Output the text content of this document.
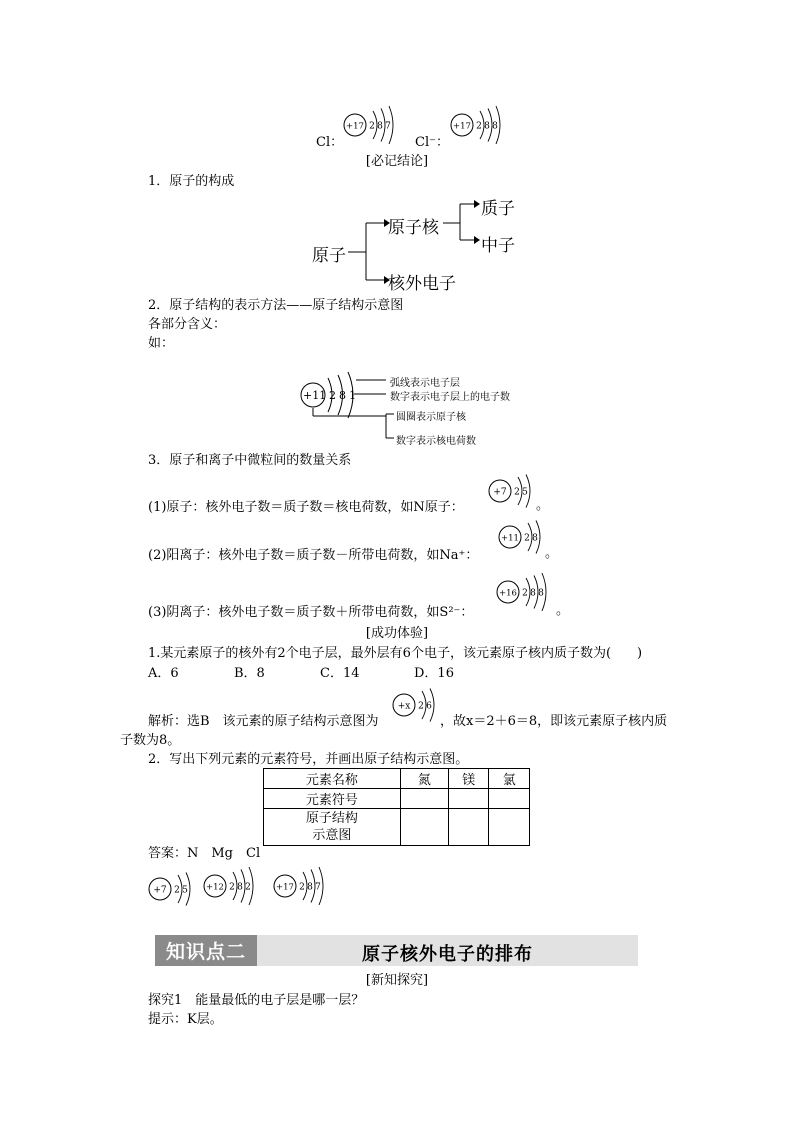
Cl：
+17 2 8 7
Cl⁻：
+17 2 8 8
[必记结论]
1．原子的构成
原子
原子核
质子
中子
核外电子
2．原子结构的表示方法——原子结构示意图
各部分含义：
如：
+11 2 8 1
弧线表示电子层
数字表示电子层上的电子数
圆圈表示原子核
数字表示核电荷数
3．原子和离子中微粒间的数量关系
(1)原子：核外电子数＝质子数＝核电荷数，如N原子：
+7 2 5
。
(2)阳离子：核外电子数＝质子数－所带电荷数，如Na⁺：
+11 2 8
。
(3)阴离子：核外电子数＝质子数＋所带电荷数，如S²⁻：
+16 2 8 8
。
[成功体验]
1.某元素原子的核外有2个电子层，最外层有6个电子，该元素原子核内质子数为(　　)
A．6	B．8	C．14	D．16
解析：选B　该元素的原子结构示意图为
+x 2 6
，故x＝2＋6＝8，即该元素原子核内质
子数为8。
2．写出下列元素的元素符号，并画出原子结构示意图。
元素名称	氮	镁	氯
元素符号			
原子结构
示意图			
答案：N　Mg　Cl
+7 2 5 +12 2 8 2	+17 2 8 7
知识点二	原子核外电子的排布
[新知探究]
探究1　能量最低的电子层是哪一层？
提示：K层。
